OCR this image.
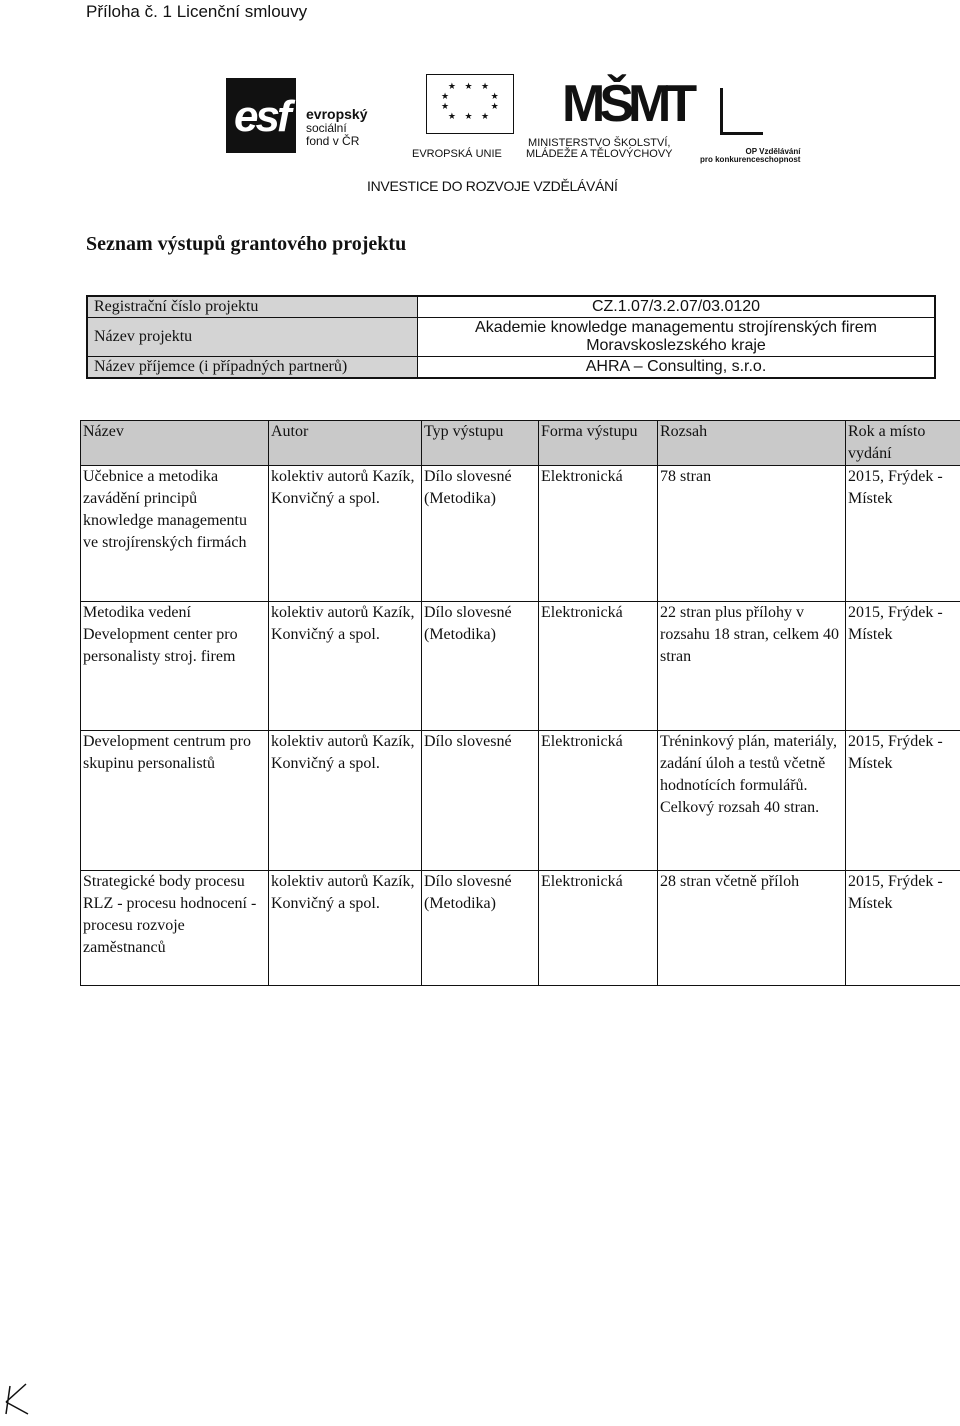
Příloha č. 1 Licenční smlouvy
esf evropský
sociální
fond v ČR
★ ★ ★
★       ★
★       ★
★ ★ ★
EVROPSKÁ UNIE
MŠMT
MINISTERSTVO ŠKOLSTVÍ,
MLÁDEŽE A TĚLOVÝCHOVY	OP Vzdělávání
pro konkurenceschopnost
INVESTICE DO ROZVOJE VZDĚLÁVÁNÍ
Seznam výstupů grantového projektu
Registrační číslo projektu	CZ.1.07/3.2.07/03.0120
Název projektu
Akademie knowledge managementu strojírenských firem
Moravskoslezského kraje
Název příjemce (i případných partnerů)	AHRA – Consulting, s.r.o.
Název	Autor	Typ výstupu	Forma výstupu	Rozsah	Rok a místo vydání
Učebnice a metodika zavádění principů knowledge managementu ve strojírenských firmách	kolektiv autorů Kazík, Konvičný a spol.	Dílo slovesné (Metodika)	Elektronická	78 stran	2015, Frýdek - Místek
Metodika vedení Development center pro personalisty stroj. firem	kolektiv autorů Kazík, Konvičný a spol.	Dílo slovesné (Metodika)	Elektronická	22 stran plus přílohy v rozsahu 18 stran, celkem 40 stran	2015, Frýdek - Místek
Development centrum pro skupinu personalistů	kolektiv autorů Kazík, Konvičný a spol.	Dílo slovesné	Elektronická	Tréninkový plán, materiály, zadání úloh a testů včetně hodnotících formulářů. Celkový rozsah 40 stran.	2015, Frýdek - Místek
Strategické body procesu RLZ - procesu hodnocení - procesu rozvoje zaměstnanců	kolektiv autorů Kazík, Konvičný a spol.	Dílo slovesné (Metodika)	Elektronická	28 stran včetně příloh	2015, Frýdek - Místek
